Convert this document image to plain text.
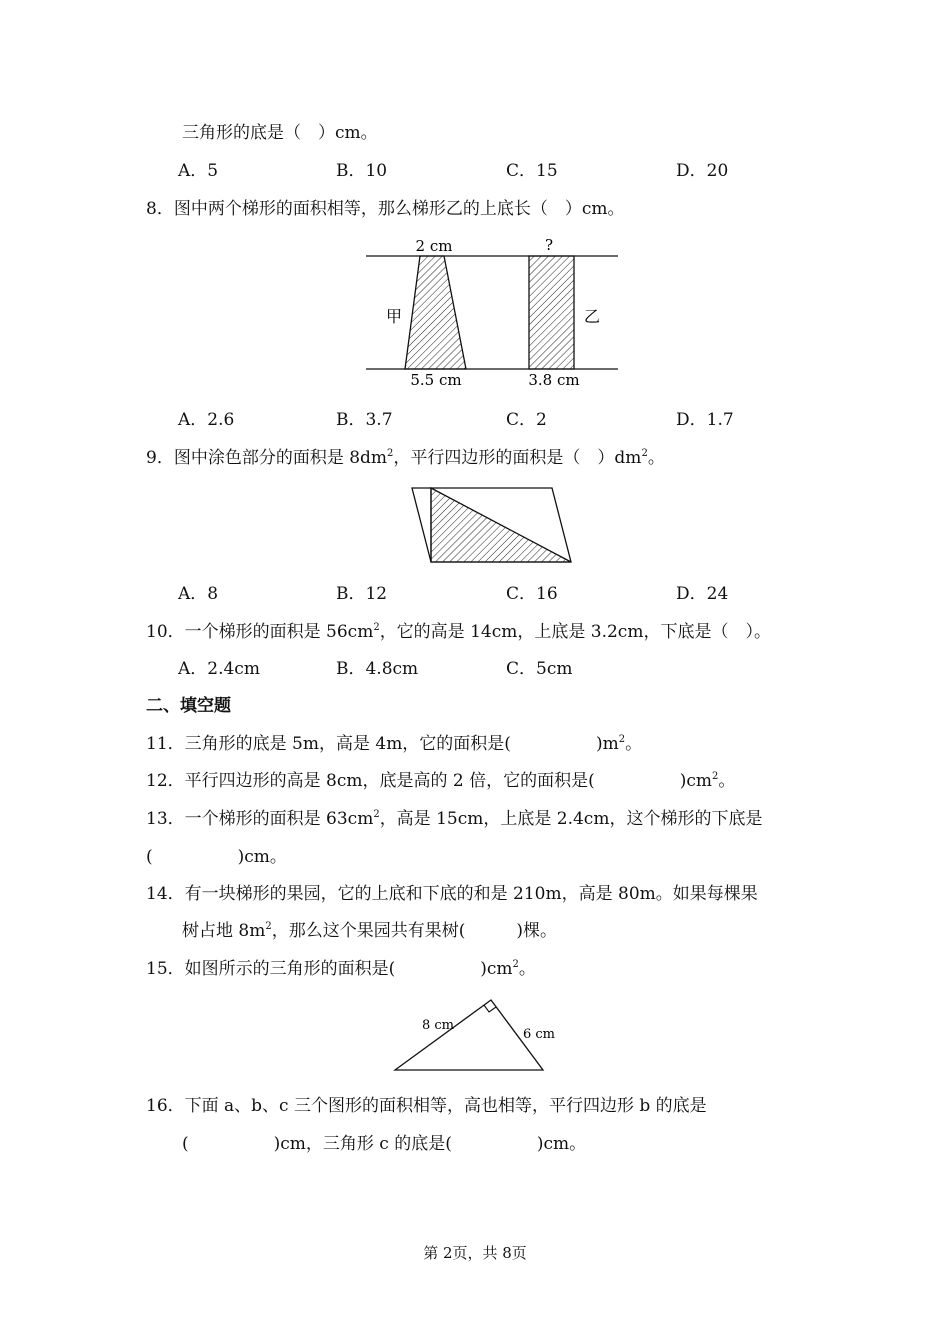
三角形的底是（　）cm。
A．5	B．10	C．15	D．20
8．图中两个梯形的面积相等，那么梯形乙的上底长（　）cm。
2 cm	?
甲	乙
5.5 cm	3.8 cm
A．2.6	B．3.7	C．2	D．1.7
9．图中涂色部分的面积是 $8dm^2$，平行四边形的面积是（　）$dm^2$。
A．8	B．12	C．16	D．24
10．一个梯形的面积是 $56cm^2$，它的高是 14cm，上底是 3.2cm，下底是（　）。
A．2.4cm	B．4.8cm	C．5cm
二、填空题
11．三角形的底是 5m，高是 4m，它的面积是(　　　　　)$m^2$。
12．平行四边形的高是 8cm，底是高的 2 倍，它的面积是(　　　　　)$cm^2$。
13．一个梯形的面积是 $63cm^2$，高是 15cm，上底是 2.4cm，这个梯形的下底是
(　　　　　)cm。
14．有一块梯形的果园，它的上底和下底的和是 210m，高是 80m。如果每棵果
树占地 $8m^2$，那么这个果园共有果树(　　　)棵。
15．如图所示的三角形的面积是(　　　　　)$cm^2$。
8 cm
6 cm
16．下面 a、b、c 三个图形的面积相等，高也相等，平行四边形 b 的底是
(　　　　　)cm，三角形 c 的底是(　　　　　)cm。
第 2页，共 8页
